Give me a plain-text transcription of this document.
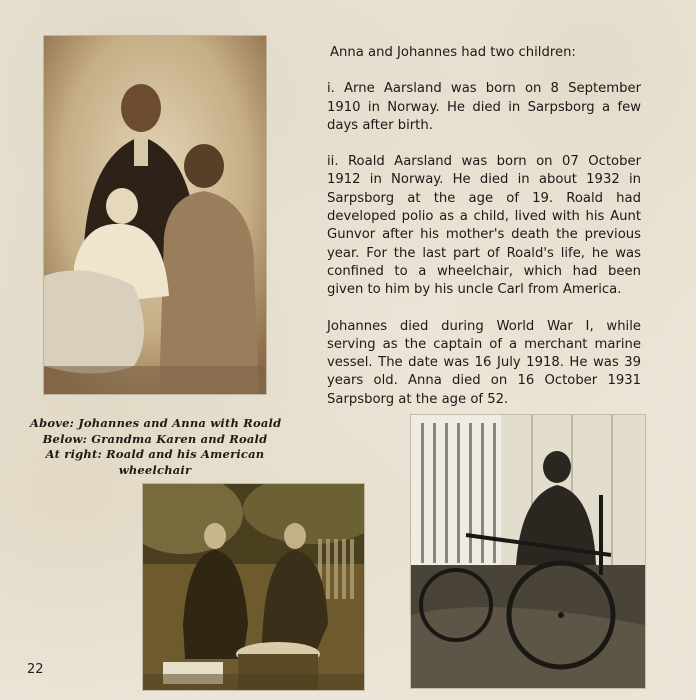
Anna and Johannes had two children:

i. Arne Aarsland was born on 8 September 1910 in Norway. He died in Sarpsborg a few days after birth.

ii. Roald Aarsland was born on 07 October 1912 in Norway. He died in about 1932 in Sarpsborg at the age of 19. Roald had developed polio as a child, lived with his Aunt Gunvor after his mother's death the previous year. For the last part of Roald's life, he was confined to a wheelchair, which had been given to him by his uncle Carl from America.

Johannes died during World War I, while serving as the captain of a merchant marine vessel. The date was 16 July 1918. He was 39 years old. Anna died on 16 October 1931 Sarpsborg at the age of 52.

Above: Johannes and Anna with Roald
Below: Grandma Karen and Roald
At right: Roald and his American
wheelchair
22
